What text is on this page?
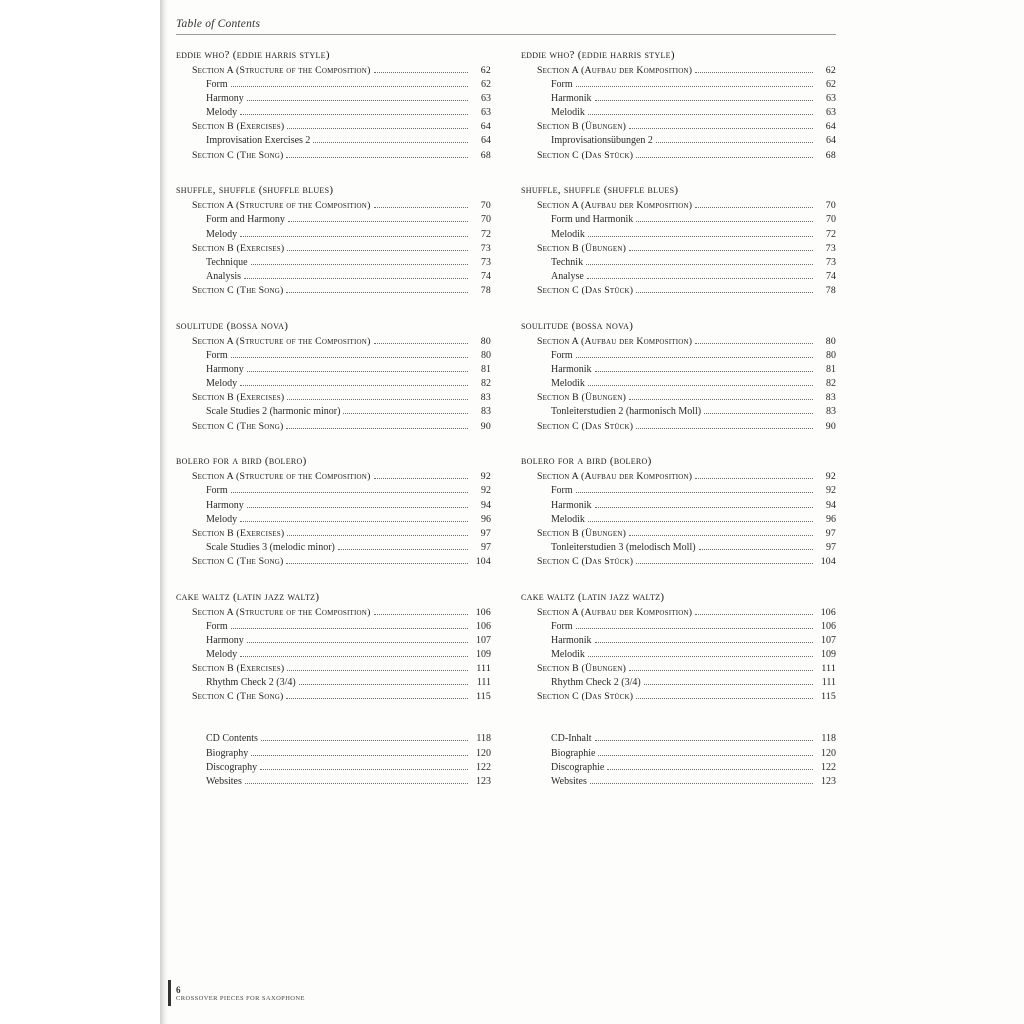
Table of Contents
eddie who? (eddie harris style)
Section A (Structure of the Composition)	62
Form	62
Harmony	63
Melody	63
Section B (Exercises)	64
Improvisation Exercises 2	64
Section C (The Song)	68
shuffle, shuffle (shuffle blues)
Section A (Structure of the Composition)	70
Form and Harmony	70
Melody	72
Section B (Exercises)	73
Technique	73
Analysis	74
Section C (The Song)	78
soulitude (bossa nova)
Section A (Structure of the Composition)	80
Form	80
Harmony	81
Melody	82
Section B (Exercises)	83
Scale Studies 2 (harmonic minor)	83
Section C (The Song)	90
bolero for a bird (bolero)
Section A (Structure of the Composition)	92
Form	92
Harmony	94
Melody	96
Section B (Exercises)	97
Scale Studies 3 (melodic minor)	97
Section C (The Song)	104
cake waltz (latin jazz waltz)
Section A (Structure of the Composition)	106
Form	106
Harmony	107
Melody	109
Section B (Exercises)	111
Rhythm Check 2 (3/4)	111
Section C (The Song)	115
CD Contents	118
Biography	120
Discography	122
Websites	123
eddie who? (eddie harris style)
Section A (Aufbau der Komposition)	62
Form	62
Harmonik	63
Melodik	63
Section B (Übungen)	64
Improvisationsübungen 2	64
Section C (Das Stück)	68
shuffle, shuffle (shuffle blues)
Section A (Aufbau der Komposition)	70
Form und Harmonik	70
Melodik	72
Section B (Übungen)	73
Technik	73
Analyse	74
Section C (Das Stück)	78
soulitude (bossa nova)
Section A (Aufbau der Komposition)	80
Form	80
Harmonik	81
Melodik	82
Section B (Übungen)	83
Tonleiterstudien 2 (harmonisch Moll)	83
Section C (Das Stück)	90
bolero for a bird (bolero)
Section A (Aufbau der Komposition)	92
Form	92
Harmonik	94
Melodik	96
Section B (Übungen)	97
Tonleiterstudien 3 (melodisch Moll)	97
Section C (Das Stück)	104
cake waltz (latin jazz waltz)
Section A (Aufbau der Komposition)	106
Form	106
Harmonik	107
Melodik	109
Section B (Übungen)	111
Rhythm Check 2 (3/4)	111
Section C (Das Stück)	115
CD-Inhalt	118
Biographie	120
Discographie	122
Websites	123
6
CROSSOVER PIECES FOR SAXOPHONE
